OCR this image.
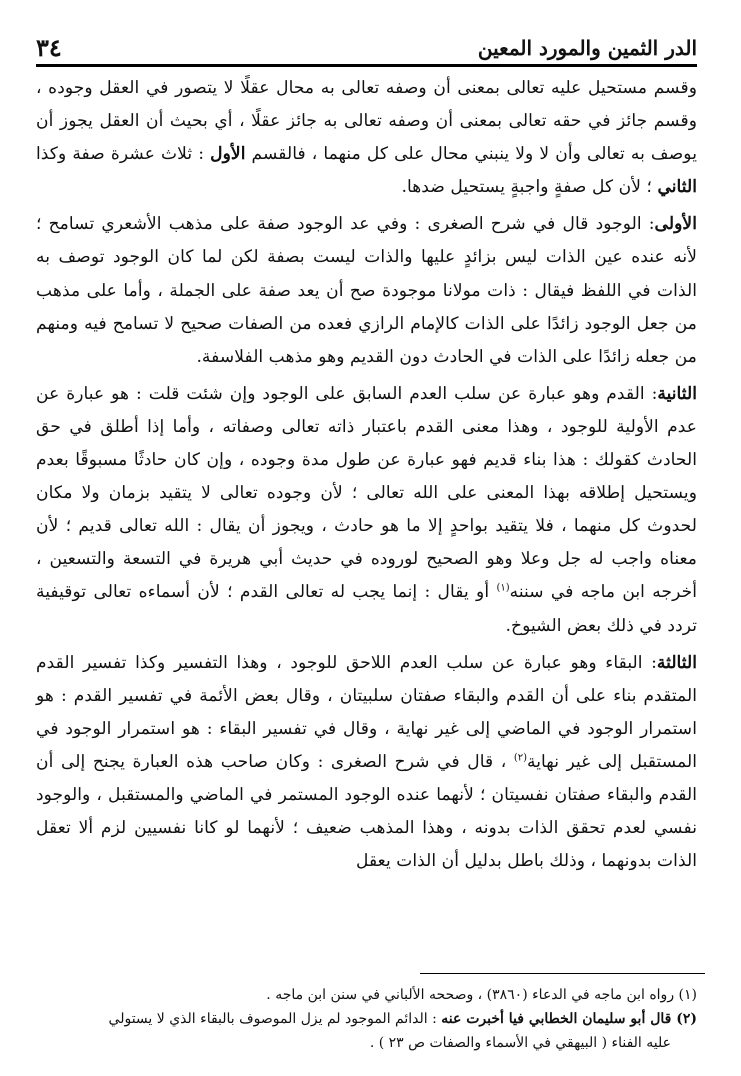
الدر الثمين والمورد المعين
٣٤

وقسم مستحيل عليه تعالى بمعنى أن وصفه تعالى به محال عقلًا لا يتصور في العقل وجوده ، وقسم جائز في حقه تعالى بمعنى أن وصفه تعالى به جائز عقلًا ، أي بحيث أن العقل يجوز أن يوصف به تعالى وأن لا ولا ينبني محال على كل منهما ، فالقسم الأول : ثلاث عشرة صفة وكذا الثاني ؛ لأن كل صفةٍ واجبةٍ يستحيل ضدها.

الأولى: الوجود قال في شرح الصغرى : وفي عد الوجود صفة على مذهب الأشعري تسامح ؛ لأنه عنده عين الذات ليس بزائدٍ عليها والذات ليست بصفة لكن لما كان الوجود توصف به الذات في اللفظ فيقال : ذات مولانا موجودة صح أن يعد صفة على الجملة ، وأما على مذهب من جعل الوجود زائدًا على الذات كالإمام الرازي فعده من الصفات صحيح لا تسامح فيه ومنهم من جعله زائدًا على الذات في الحادث دون القديم وهو مذهب الفلاسفة.

الثانية: القدم وهو عبارة عن سلب العدم السابق على الوجود وإن شئت قلت : هو عبارة عن عدم الأولية للوجود ، وهذا معنى القدم باعتبار ذاته تعالى وصفاته ، وأما إذا أطلق في حق الحادث كقولك : هذا بناء قديم فهو عبارة عن طول مدة وجوده ، وإن كان حادثًا مسبوقًا بعدم ويستحيل إطلاقه بهذا المعنى على الله تعالى ؛ لأن وجوده تعالى لا يتقيد بزمان ولا مكان لحدوث كل منهما ، فلا يتقيد بواحدٍ إلا ما هو حادث ، ويجوز أن يقال : الله تعالى قديم ؛ لأن معناه واجب له جل وعلا وهو الصحيح لوروده في حديث أبي هريرة في التسعة والتسعين ، أخرجه ابن ماجه في سننه$^{(١)}$ أو يقال : إنما يجب له تعالى القدم ؛ لأن أسماءه تعالى توقيفية تردد في ذلك بعض الشيوخ.

الثالثة: البقاء وهو عبارة عن سلب العدم اللاحق للوجود ، وهذا التفسير وكذا تفسير القدم المتقدم بناء على أن القدم والبقاء صفتان سلبيتان ، وقال بعض الأئمة في تفسير القدم : هو استمرار الوجود في الماضي إلى غير نهاية ، وقال في تفسير البقاء : هو استمرار الوجود في المستقبل إلى غير نهاية$^{(٢)}$ ، قال في شرح الصغرى : وكان صاحب هذه العبارة يجنح إلى أن القدم والبقاء صفتان نفسيتان ؛ لأنهما عنده الوجود المستمر في الماضي والمستقبل ، والوجود نفسي لعدم تحقق الذات بدونه ، وهذا المذهب ضعيف ؛ لأنهما لو كانا نفسيين لزم ألا تعقل الذات بدونهما ، وذلك باطل بدليل أن الذات يعقل

(١) رواه ابن ماجه في الدعاء (٣٨٦٠) ، وصححه الألباني في سنن ابن ماجه .

(٢) قال أبو سليمان الخطابي فيا أخبرت عنه : الدائم الموجود لم يزل الموصوف بالبقاء الذي لا يستولي

عليه الفناء ( البيهقي في الأسماء والصفات ص ٢٣ ) .
